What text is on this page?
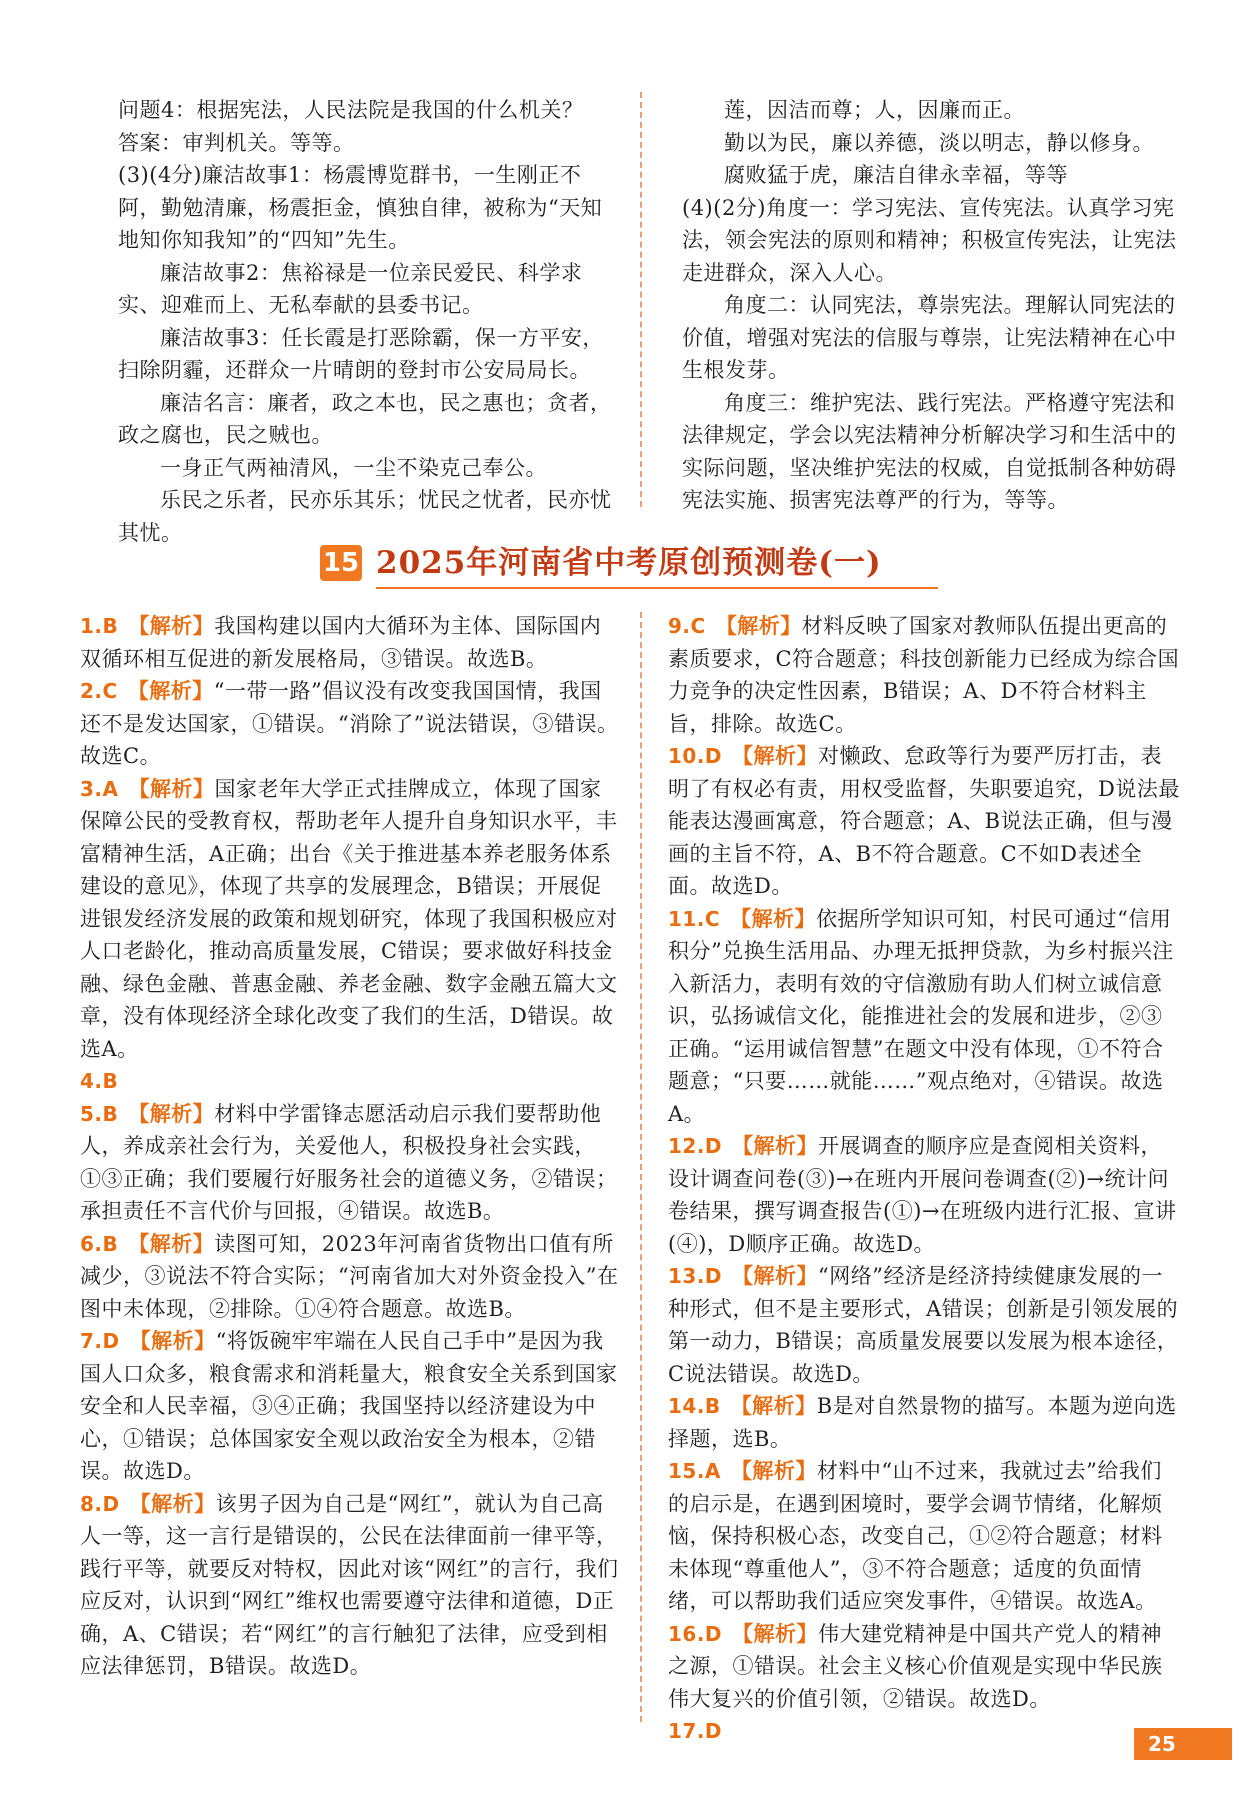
问题4：根据宪法，人民法院是我国的什么机关？

答案：审判机关。等等。

(3)(4分)廉洁故事1：杨震博览群书，一生刚正不阿，勤勉清廉，杨震拒金，慎独自律，被称为“天知地知你知我知”的“四知”先生。

廉洁故事2：焦裕禄是一位亲民爱民、科学求实、迎难而上、无私奉献的县委书记。

廉洁故事3：任长霞是打恶除霸，保一方平安，扫除阴霾，还群众一片晴朗的登封市公安局局长。

廉洁名言：廉者，政之本也，民之惠也；贪者，政之腐也，民之贼也。

一身正气两袖清风，一尘不染克己奉公。

乐民之乐者，民亦乐其乐；忧民之忧者，民亦忧其忧。

莲，因洁而尊；人，因廉而正。

勤以为民，廉以养德，淡以明志，静以修身。

腐败猛于虎，廉洁自律永幸福，等等

(4)(2分)角度一：学习宪法、宣传宪法。认真学习宪法，领会宪法的原则和精神；积极宣传宪法，让宪法走进群众，深入人心。

角度二：认同宪法，尊崇宪法。理解认同宪法的价值，增强对宪法的信服与尊崇，让宪法精神在心中生根发芽。

角度三：维护宪法、践行宪法。严格遵守宪法和法律规定，学会以宪法精神分析解决学习和生活中的实际问题，坚决维护宪法的权威，自觉抵制各种妨碍宪法实施、损害宪法尊严的行为，等等。

15 2025年河南省中考原创预测卷(一)

1.B 【解析】我国构建以国内大循环为主体、国际国内双循环相互促进的新发展格局，③错误。故选B。

2.C 【解析】“一带一路”倡议没有改变我国国情，我国还不是发达国家，①错误。“消除了”说法错误，③错误。故选C。

3.A 【解析】国家老年大学正式挂牌成立，体现了国家保障公民的受教育权，帮助老年人提升自身知识水平，丰富精神生活，A正确；出台《关于推进基本养老服务体系建设的意见》，体现了共享的发展理念，B错误；开展促进银发经济发展的政策和规划研究，体现了我国积极应对人口老龄化，推动高质量发展，C错误；要求做好科技金融、绿色金融、普惠金融、养老金融、数字金融五篇大文章，没有体现经济全球化改变了我们的生活，D错误。故选A。

4.B

5.B 【解析】材料中学雷锋志愿活动启示我们要帮助他人，养成亲社会行为，关爱他人，积极投身社会实践，①③正确；我们要履行好服务社会的道德义务，②错误；承担责任不言代价与回报，④错误。故选B。

6.B 【解析】读图可知，2023年河南省货物出口值有所减少，③说法不符合实际；“河南省加大对外资金投入”在图中未体现，②排除。①④符合题意。故选B。

7.D 【解析】“将饭碗牢牢端在人民自己手中”是因为我国人口众多，粮食需求和消耗量大，粮食安全关系到国家安全和人民幸福，③④正确；我国坚持以经济建设为中心，①错误；总体国家安全观以政治安全为根本，②错误。故选D。

8.D 【解析】该男子因为自己是“网红”，就认为自己高人一等，这一言行是错误的，公民在法律面前一律平等，践行平等，就要反对特权，因此对该“网红”的言行，我们应反对，认识到“网红”维权也需要遵守法律和道德，D正确，A、C错误；若“网红”的言行触犯了法律，应受到相应法律惩罚，B错误。故选D。

9.C 【解析】材料反映了国家对教师队伍提出更高的素质要求，C符合题意；科技创新能力已经成为综合国力竞争的决定性因素，B错误；A、D不符合材料主旨，排除。故选C。

10.D 【解析】对懒政、怠政等行为要严厉打击，表明了有权必有责，用权受监督，失职要追究，D说法最能表达漫画寓意，符合题意；A、B说法正确，但与漫画的主旨不符，A、B不符合题意。C不如D表述全面。故选D。

11.C 【解析】依据所学知识可知，村民可通过“信用积分”兑换生活用品、办理无抵押贷款，为乡村振兴注入新活力，表明有效的守信激励有助人们树立诚信意识，弘扬诚信文化，能推进社会的发展和进步，②③正确。“运用诚信智慧”在题文中没有体现，①不符合题意；“只要……就能……”观点绝对，④错误。故选A。

12.D 【解析】开展调查的顺序应是查阅相关资料，设计调查问卷(③)→在班内开展问卷调查(②)→统计问卷结果，撰写调查报告(①)→在班级内进行汇报、宣讲(④)，D顺序正确。故选D。

13.D 【解析】“网络”经济是经济持续健康发展的一种形式，但不是主要形式，A错误；创新是引领发展的第一动力，B错误；高质量发展要以发展为根本途径，C说法错误。故选D。

14.B 【解析】B是对自然景物的描写。本题为逆向选择题，选B。

15.A 【解析】材料中“山不过来，我就过去”给我们的启示是，在遇到困境时，要学会调节情绪，化解烦恼，保持积极心态，改变自己，①②符合题意；材料未体现“尊重他人”，③不符合题意；适度的负面情绪，可以帮助我们适应突发事件，④错误。故选A。

16.D 【解析】伟大建党精神是中国共产党人的精神之源，①错误。社会主义核心价值观是实现中华民族伟大复兴的价值引领，②错误。故选D。

17.D

25
